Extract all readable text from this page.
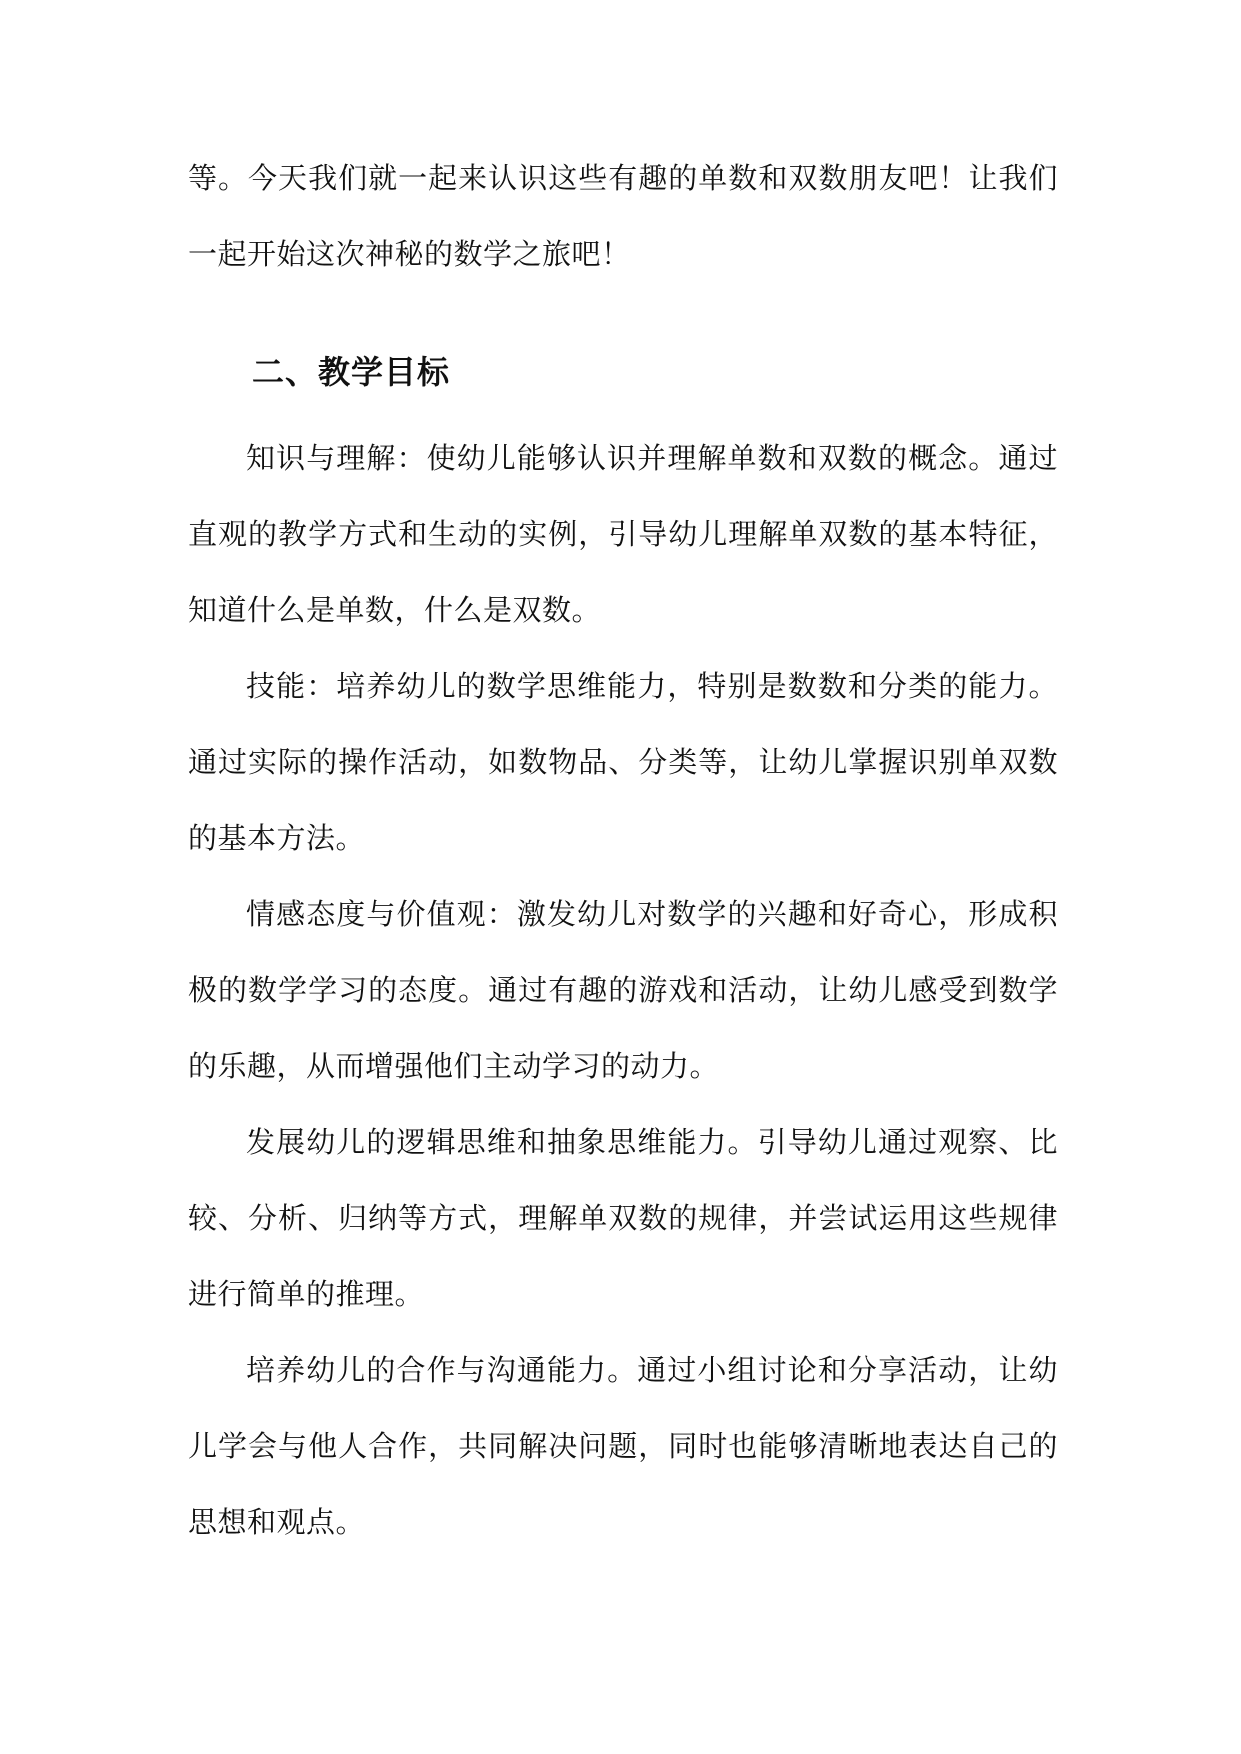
等。今天我们就一起来认识这些有趣的单数和双数朋友吧！让我们一起开始这次神秘的数学之旅吧！

二、教学目标

知识与理解：使幼儿能够认识并理解单数和双数的概念。通过直观的教学方式和生动的实例，引导幼儿理解单双数的基本特征，知道什么是单数，什么是双数。

技能：培养幼儿的数学思维能力，特别是数数和分类的能力。通过实际的操作活动，如数物品、分类等，让幼儿掌握识别单双数的基本方法。

情感态度与价值观：激发幼儿对数学的兴趣和好奇心，形成积极的数学学习的态度。通过有趣的游戏和活动，让幼儿感受到数学的乐趣，从而增强他们主动学习的动力。

发展幼儿的逻辑思维和抽象思维能力。引导幼儿通过观察、比较、分析、归纳等方式，理解单双数的规律，并尝试运用这些规律进行简单的推理。

培养幼儿的合作与沟通能力。通过小组讨论和分享活动，让幼儿学会与他人合作，共同解决问题，同时也能够清晰地表达自己的思想和观点。
